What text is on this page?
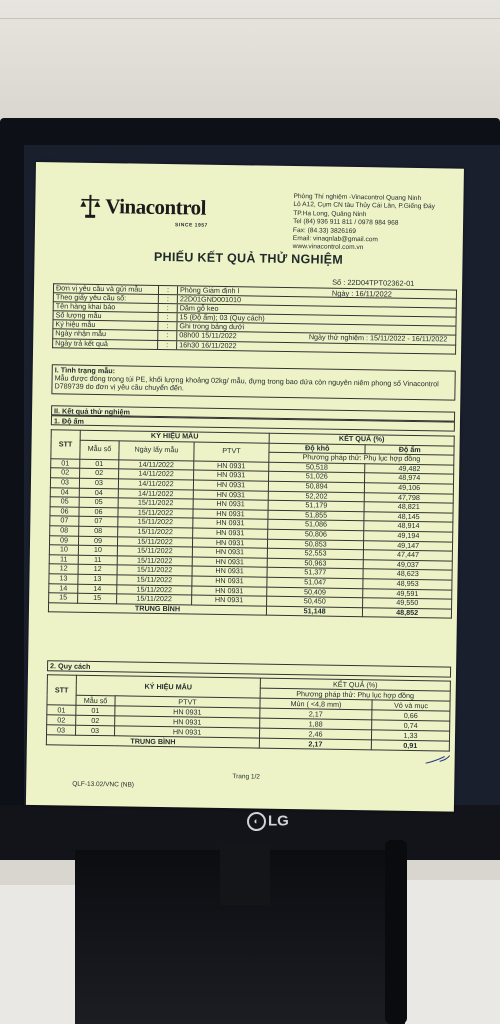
◐ LG
Vinacontrol
SINCE 1957
Phòng Thí nghiệm -Vinacontrol Quang Ninh
Lô A12, Cụm CN tàu Thủy Cái Lân, P.Giếng Đáy
TP.Hạ Long, Quảng Ninh
Tel (84) 936 911 811 / 0978 984 968
Fax: (84.33) 3826169
Email: vinaqnlab@gmail.com
www.vinacontrol.com.vn
PHIẾU KẾT QUẢ THỬ NGHIỆM
Số : 22D04TPT02362-01
Ngày : 16/11/2022
Đơn vị yêu cầu và gửi mẫu	:	Phòng Giám định I
Theo giấy yêu cầu số:	:	22D01GND001010
Tên hàng khai báo	:	Dăm gỗ keo
Số lượng mẫu	:	15 (Độ ẩm); 03 (Quy cách)
Ký hiệu mẫu	:	Ghi trong bảng dưới
Ngày nhận mẫu	:	08h00 15/11/2022 Ngày thử nghiệm : 15/11/2022 - 16/11/2022

Ngày trả kết quả	:	16h30 16/11/2022
I. Tình trạng mẫu:
Mẫu được đóng trong túi PE, khối lượng khoảng 02kg/ mẫu, đựng trong bao dứa còn nguyên niêm phong số Vinacontrol D789739 do đơn vị yêu cầu chuyển đến.
II. Kết quả thử nghiệm
1. Độ ẩm
STT	KÝ HIỆU MẪU			KẾT QUẢ (%)	
	Mẫu số	Ngày lấy mẫu	PTVT	Độ khô	Độ ẩm
				Phương pháp thử: Phụ lục hợp đồng	
01	01	14/11/2022	HN 0931	50,518	49,482
02	02	14/11/2022	HN 0931	51,026	48,974
03	03	14/11/2022	HN 0931	50,894	49,106
04	04	14/11/2022	HN 0931	52,202	47,798
05	05	15/11/2022	HN 0931	51,179	48,821
06	06	15/11/2022	HN 0931	51,855	48,145
07	07	15/11/2022	HN 0931	51,086	48,914
08	08	15/11/2022	HN 0931	50,806	49,194
09	09	15/11/2022	HN 0931	50,853	49,147
10	10	15/11/2022	HN 0931	52,553	47,447
11	11	15/11/2022	HN 0931	50,963	49,037
12	12	15/11/2022	HN 0931	51,377	48,623
13	13	15/11/2022	HN 0931	51,047	48,953
14	14	15/11/2022	HN 0931	50,409	49,591
15	15	15/11/2022	HN 0931	50,450	49,550
TRUNG BÌNH				51,148	48,852
2. Quy cách
STT	KÝ HIỆU MẪU		KẾT QUẢ (%)	
			Phương pháp thử: Phụ lục hợp đồng	
	Mẫu số	PTVT	Mùn ( <4,8 mm)	Vỏ và mục
01	01	HN 0931	2,17	0,66
02	02	HN 0931	1,88	0,74
03	03	HN 0931	2,46	1,33
TRUNG BÌNH			2,17	0,91
Trang 1/2
QLF-13.02/VNC (NB)
